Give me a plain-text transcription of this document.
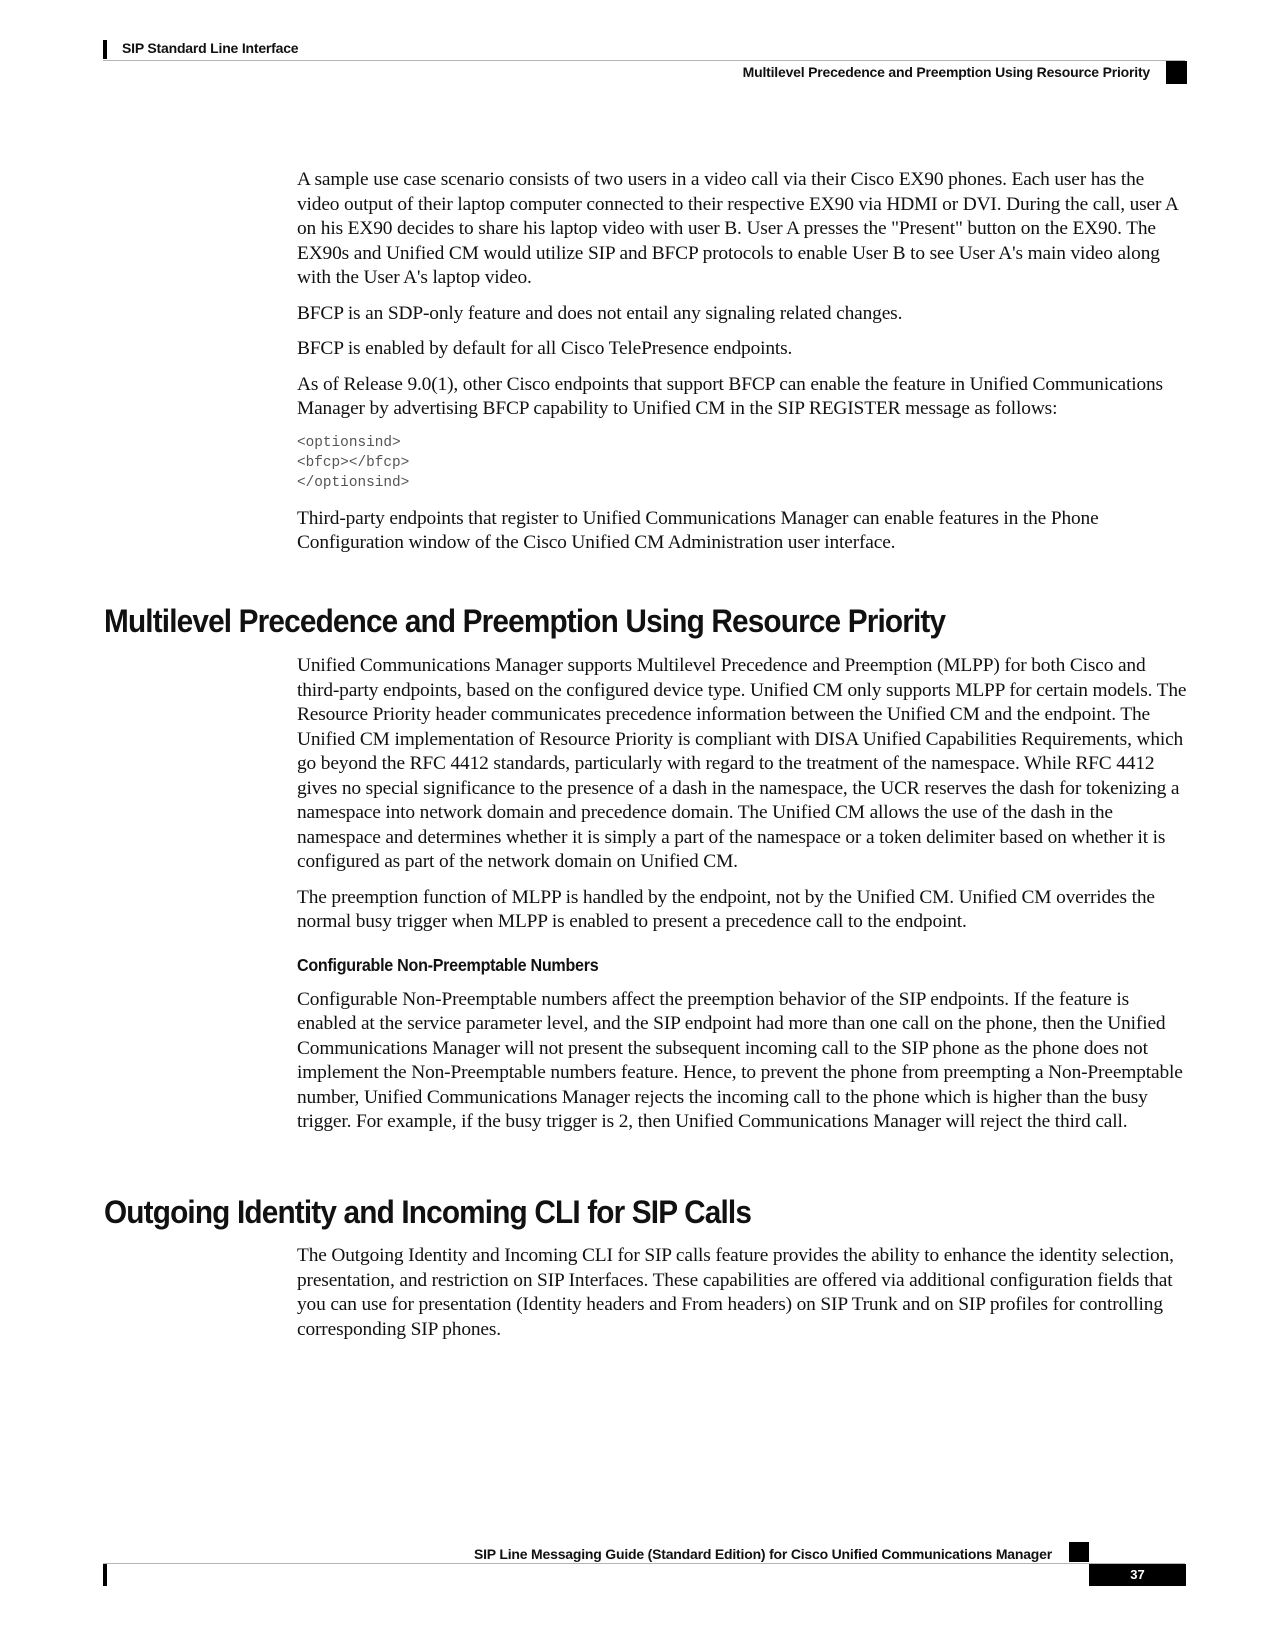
SIP Standard Line Interface
Multilevel Precedence and Preemption Using Resource Priority

A sample use case scenario consists of two users in a video call via their Cisco EX90 phones. Each user has the video output of their laptop computer connected to their respective EX90 via HDMI or DVI. During the call, user A on his EX90 decides to share his laptop video with user B. User A presses the "Present" button on the EX90. The EX90s and Unified CM would utilize SIP and BFCP protocols to enable User B to see User A's main video along with the User A's laptop video.

BFCP is an SDP-only feature and does not entail any signaling related changes.

BFCP is enabled by default for all Cisco TelePresence endpoints.

As of Release 9.0(1), other Cisco endpoints that support BFCP can enable the feature in Unified Communications Manager by advertising BFCP capability to Unified CM in the SIP REGISTER message as follows:

<optionsind>
<bfcp></bfcp>
</optionsind>

Third-party endpoints that register to Unified Communications Manager can enable features in the Phone Configuration window of the Cisco Unified CM Administration user interface.

Multilevel Precedence and Preemption Using Resource Priority

Unified Communications Manager supports Multilevel Precedence and Preemption (MLPP) for both Cisco and third-party endpoints, based on the configured device type. Unified CM only supports MLPP for certain models. The Resource Priority header communicates precedence information between the Unified CM and the endpoint. The Unified CM implementation of Resource Priority is compliant with DISA Unified Capabilities Requirements, which go beyond the RFC 4412 standards, particularly with regard to the treatment of the namespace. While RFC 4412 gives no special significance to the presence of a dash in the namespace, the UCR reserves the dash for tokenizing a namespace into network domain and precedence domain. The Unified CM allows the use of the dash in the namespace and determines whether it is simply a part of the namespace or a token delimiter based on whether it is configured as part of the network domain on Unified CM.

The preemption function of MLPP is handled by the endpoint, not by the Unified CM. Unified CM overrides the normal busy trigger when MLPP is enabled to present a precedence call to the endpoint.

Configurable Non-Preemptable Numbers

Configurable Non-Preemptable numbers affect the preemption behavior of the SIP endpoints. If the feature is enabled at the service parameter level, and the SIP endpoint had more than one call on the phone, then the Unified Communications Manager will not present the subsequent incoming call to the SIP phone as the phone does not implement the Non-Preemptable numbers feature. Hence, to prevent the phone from preempting a Non-Preemptable number, Unified Communications Manager rejects the incoming call to the phone which is higher than the busy trigger. For example, if the busy trigger is 2, then Unified Communications Manager will reject the third call.

Outgoing Identity and Incoming CLI for SIP Calls

The Outgoing Identity and Incoming CLI for SIP calls feature provides the ability to enhance the identity selection, presentation, and restriction on SIP Interfaces. These capabilities are offered via additional configuration fields that you can use for presentation (Identity headers and From headers) on SIP Trunk and on SIP profiles for controlling corresponding SIP phones.

SIP Line Messaging Guide (Standard Edition) for Cisco Unified Communications Manager
37
